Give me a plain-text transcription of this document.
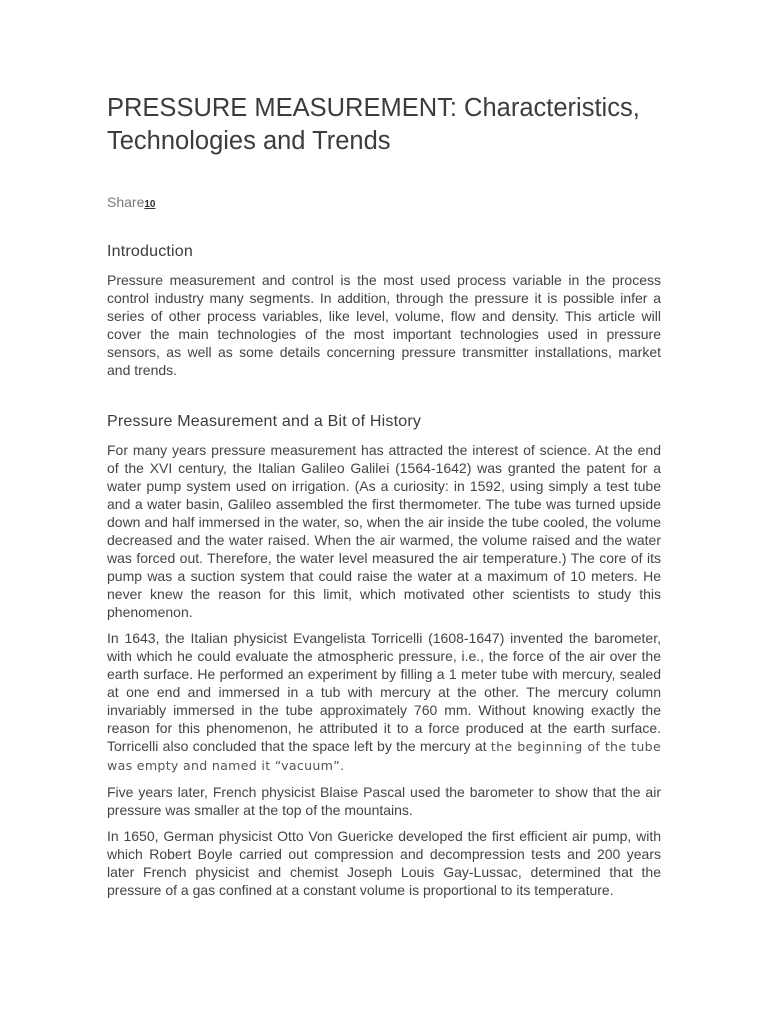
PRESSURE MEASUREMENT: Characteristics, Technologies and Trends
Share10
Introduction

Pressure measurement and control is the most used process variable in the process control industry many segments. In addition, through the pressure it is possible infer a series of other process variables, like level, volume, flow and density. This article will cover the main technologies of the most important technologies used in pressure sensors, as well as some details concerning pressure transmitter installations, market and trends.

Pressure Measurement and a Bit of History

For many years pressure measurement has attracted the interest of science. At the end of the XVI century, the Italian Galileo Galilei (1564-1642) was granted the patent for a water pump system used on irrigation. (As a curiosity: in 1592, using simply a test tube and a water basin, Galileo assembled the first thermometer. The tube was turned upside down and half immersed in the water, so, when the air inside the tube cooled, the volume decreased and the water raised. When the air warmed, the volume raised and the water was forced out. Therefore, the water level measured the air temperature.) The core of its pump was a suction system that could raise the water at a maximum of 10 meters. He never knew the reason for this limit, which motivated other scientists to study this phenomenon.

In 1643, the Italian physicist Evangelista Torricelli (1608-1647) invented the barometer, with which he could evaluate the atmospheric pressure, i.e., the force of the air over the earth surface. He performed an experiment by filling a 1 meter tube with mercury, sealed at one end and immersed in a tub with mercury at the other. The mercury column invariably immersed in the tube approximately 760 mm. Without knowing exactly the reason for this phenomenon, he attributed it to a force produced at the earth surface. Torricelli also concluded that the space left by the mercury at the beginning of the tube was empty and named it “vacuum”.

Five years later, French physicist Blaise Pascal used the barometer to show that the air pressure was smaller at the top of the mountains.

In 1650, German physicist Otto Von Guericke developed the first efficient air pump, with which Robert Boyle carried out compression and decompression tests and 200 years later French physicist and chemist Joseph Louis Gay-Lussac, determined that the pressure of a gas confined at a constant volume is proportional to its temperature.
